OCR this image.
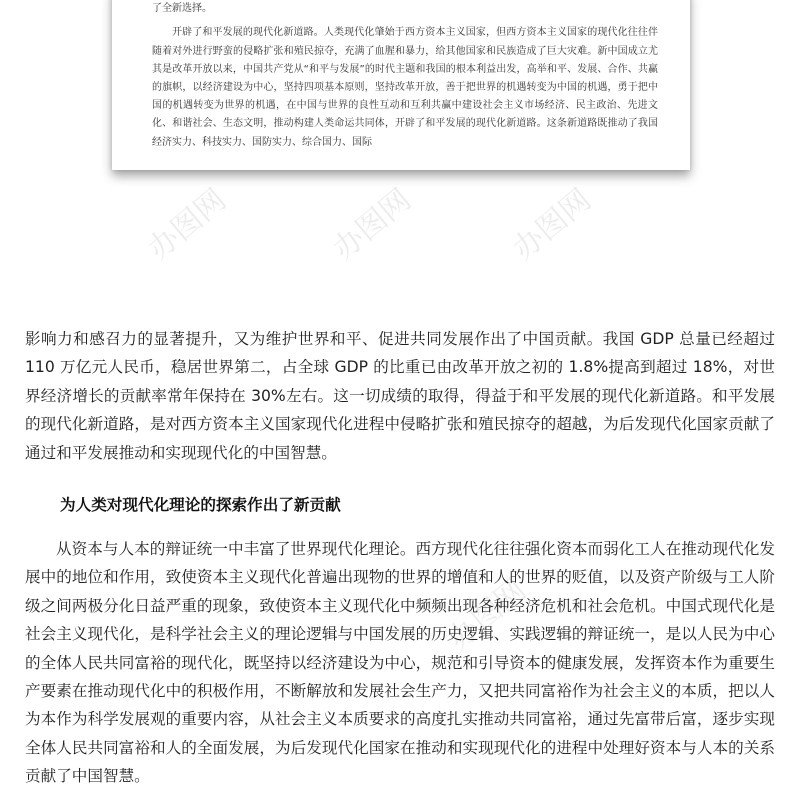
了全新选择。

开辟了和平发展的现代化新道路。人类现代化肇始于西方资本主义国家，但西方资本主义国家的现代化往往伴随着对外进行野蛮的侵略扩张和殖民掠夺，充满了血腥和暴力，给其他国家和民族造成了巨大灾难。新中国成立尤其是改革开放以来，中国共产党从“和平与发展”的时代主题和我国的根本利益出发，高举和平、发展、合作、共赢的旗帜，以经济建设为中心，坚持四项基本原则，坚持改革开放，善于把世界的机遇转变为中国的机遇，勇于把中国的机遇转变为世界的机遇，在中国与世界的良性互动和互利共赢中建设社会主义市场经济、民主政治、先进文化、和谐社会、生态文明，推动构建人类命运共同体，开辟了和平发展的现代化新道路。这条新道路既推动了我国经济实力、科技实力、国防实力、综合国力、国际

办图网	办图网	办图网
办图网

影响力和感召力的显著提升，又为维护世界和平、促进共同发展作出了中国贡献。我国 GDP 总量已经超过 110 万亿元人民币，稳居世界第二，占全球 GDP 的比重已由改革开放之初的 1.8%提高到超过 18%，对世界经济增长的贡献率常年保持在 30%左右。这一切成绩的取得，得益于和平发展的现代化新道路。和平发展的现代化新道路，是对西方资本主义国家现代化进程中侵略扩张和殖民掠夺的超越，为后发现代化国家贡献了通过和平发展推动和实现现代化的中国智慧。

为人类对现代化理论的探索作出了新贡献

从资本与人本的辩证统一中丰富了世界现代化理论。西方现代化往往强化资本而弱化工人在推动现代化发展中的地位和作用，致使资本主义现代化普遍出现物的世界的增值和人的世界的贬值，以及资产阶级与工人阶级之间两极分化日益严重的现象，致使资本主义现代化中频频出现各种经济危机和社会危机。中国式现代化是社会主义现代化，是科学社会主义的理论逻辑与中国发展的历史逻辑、实践逻辑的辩证统一，是以人民为中心的全体人民共同富裕的现代化，既坚持以经济建设为中心，规范和引导资本的健康发展，发挥资本作为重要生产要素在推动现代化中的积极作用，不断解放和发展社会生产力，又把共同富裕作为社会主义的本质，把以人为本作为科学发展观的重要内容，从社会主义本质要求的高度扎实推动共同富裕，通过先富带后富，逐步实现全体人民共同富裕和人的全面发展，为后发现代化国家在推动和实现现代化的进程中处理好资本与人本的关系贡献了中国智慧。
